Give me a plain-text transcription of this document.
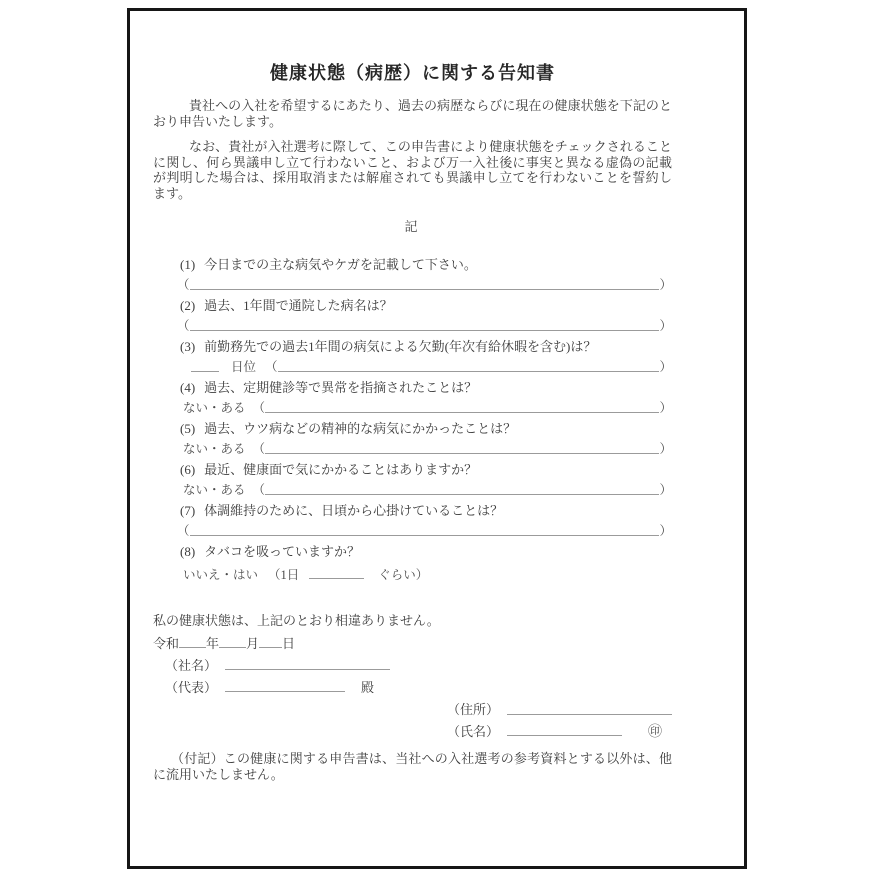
健康状態（病歴）に関する告知書
貴社への入社を希望するにあたり、過去の病歴ならびに現在の健康状態を下記のとおり申告いたします。
なお、貴社が入社選考に際して、この申告書により健康状態をチェックされることに関し、何ら異議申し立て行わないこと、および万一入社後に事実と異なる虚偽の記載が判明した場合は、採用取消または解雇されても異議申し立てを行わないことを誓約します。
記
(1) 今日までの主な病気やケガを記載して下さい。
（	）
(2) 過去、1年間で通院した病名は？
（	）
(3) 前勤務先での過去1年間の病気による欠勤(年次有給休暇を含む)は？
日位 （	）
(4) 過去、定期健診等で異常を指摘されたことは？
ない・ある （	）
(5) 過去、ウツ病などの精神的な病気にかかったことは？
ない・ある （	）
(6) 最近、健康面で気にかかることはありますか？
ない・ある （	）
(7) 体調維持のために、日頃から心掛けていることは？
（	）
(8) タバコを吸っていますか？
いいえ・はい （1日	ぐらい）
私の健康状態は、上記のとおり相違ありません。
令和 年 月 日
（社名）
（代表）	殿
（住所）
（氏名）	㊞
（付記）この健康に関する申告書は、当社への入社選考の参考資料とする以外は、他に流用いたしません。
